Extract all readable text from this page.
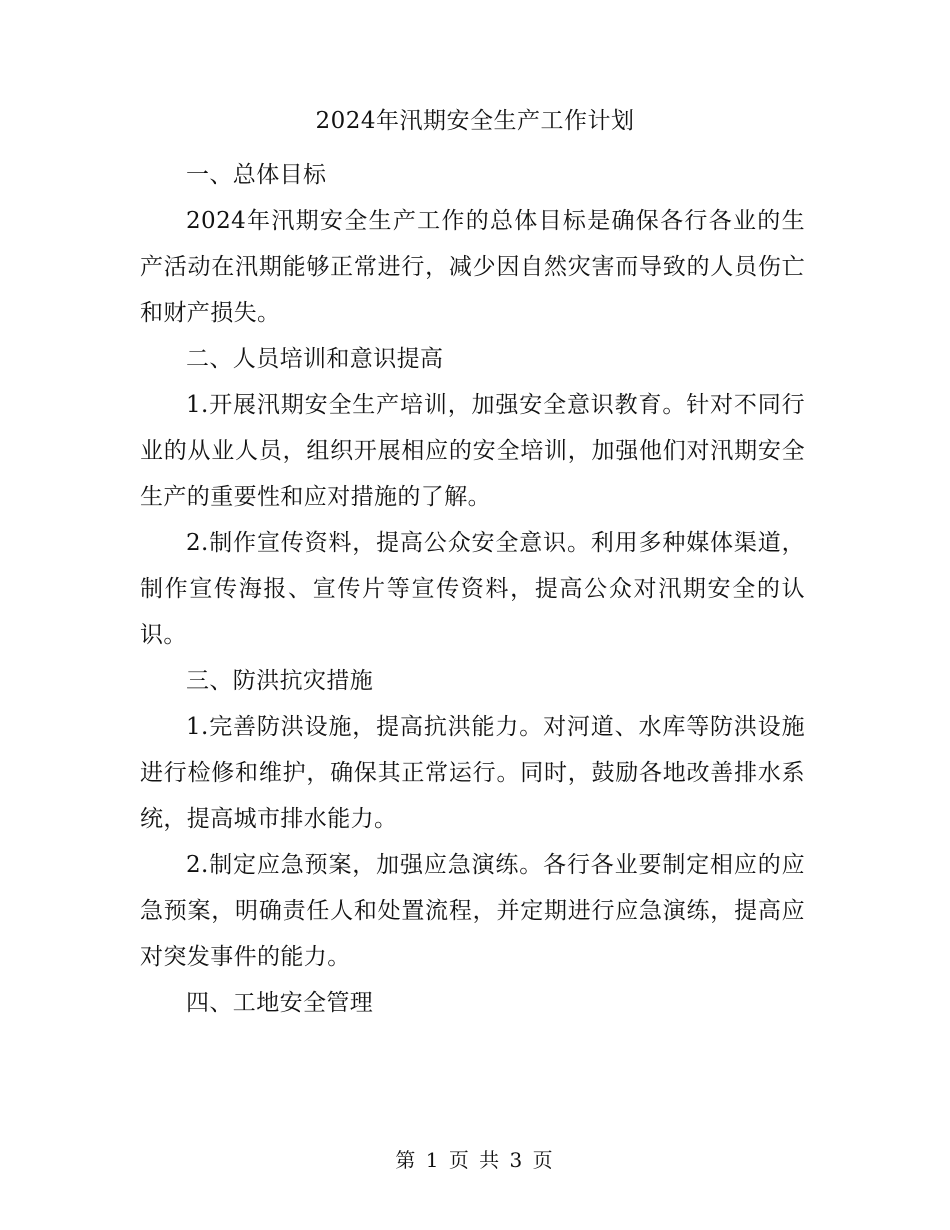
2024年汛期安全生产工作计划

一、总体目标

2024年汛期安全生产工作的总体目标是确保各行各业的生产活动在汛期能够正常进行，减少因自然灾害而导致的人员伤亡和财产损失。

二、人员培训和意识提高

1.开展汛期安全生产培训，加强安全意识教育。针对不同行业的从业人员，组织开展相应的安全培训，加强他们对汛期安全生产的重要性和应对措施的了解。

2.制作宣传资料，提高公众安全意识。利用多种媒体渠道，制作宣传海报、宣传片等宣传资料，提高公众对汛期安全的认识。

三、防洪抗灾措施

1.完善防洪设施，提高抗洪能力。对河道、水库等防洪设施进行检修和维护，确保其正常运行。同时，鼓励各地改善排水系统，提高城市排水能力。

2.制定应急预案，加强应急演练。各行各业要制定相应的应急预案，明确责任人和处置流程，并定期进行应急演练，提高应对突发事件的能力。

四、工地安全管理

第 1 页 共 3 页
